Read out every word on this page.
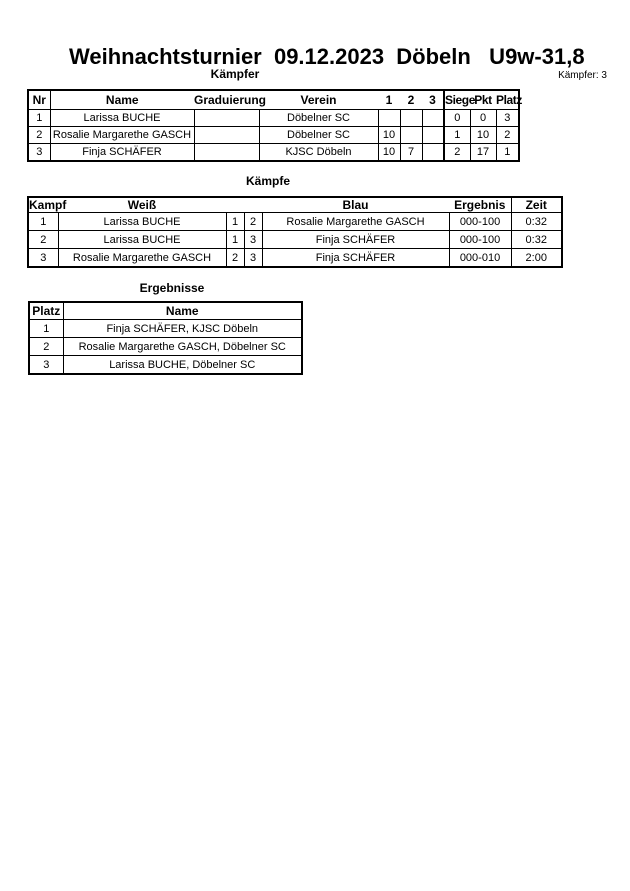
Weihnachtsturnier  09.12.2023  Döbeln   U9w-31,8
Kämpfer	Kämpfer: 3
Nr	Name	Graduierung	Verein	1	2	3	Siege	Pkt	Platz
1	Larissa BUCHE		Döbelner SC				0	0	3
2	Rosalie Margarethe GASCH		Döbelner SC	10			1	10	2
3	Finja SCHÄFER		KJSC Döbeln	10	7		2	17	1
Kämpfe
Kampf	Weiß			Blau	Ergebnis	Zeit
1	Larissa BUCHE	1	2	Rosalie Margarethe GASCH	000-100	0:32
2	Larissa BUCHE	1	3	Finja SCHÄFER	000-100	0:32
3	Rosalie Margarethe GASCH	2	3	Finja SCHÄFER	000-010	2:00
Ergebnisse
Platz	Name
1	Finja SCHÄFER, KJSC Döbeln
2	Rosalie Margarethe GASCH, Döbelner SC
3	Larissa BUCHE, Döbelner SC
